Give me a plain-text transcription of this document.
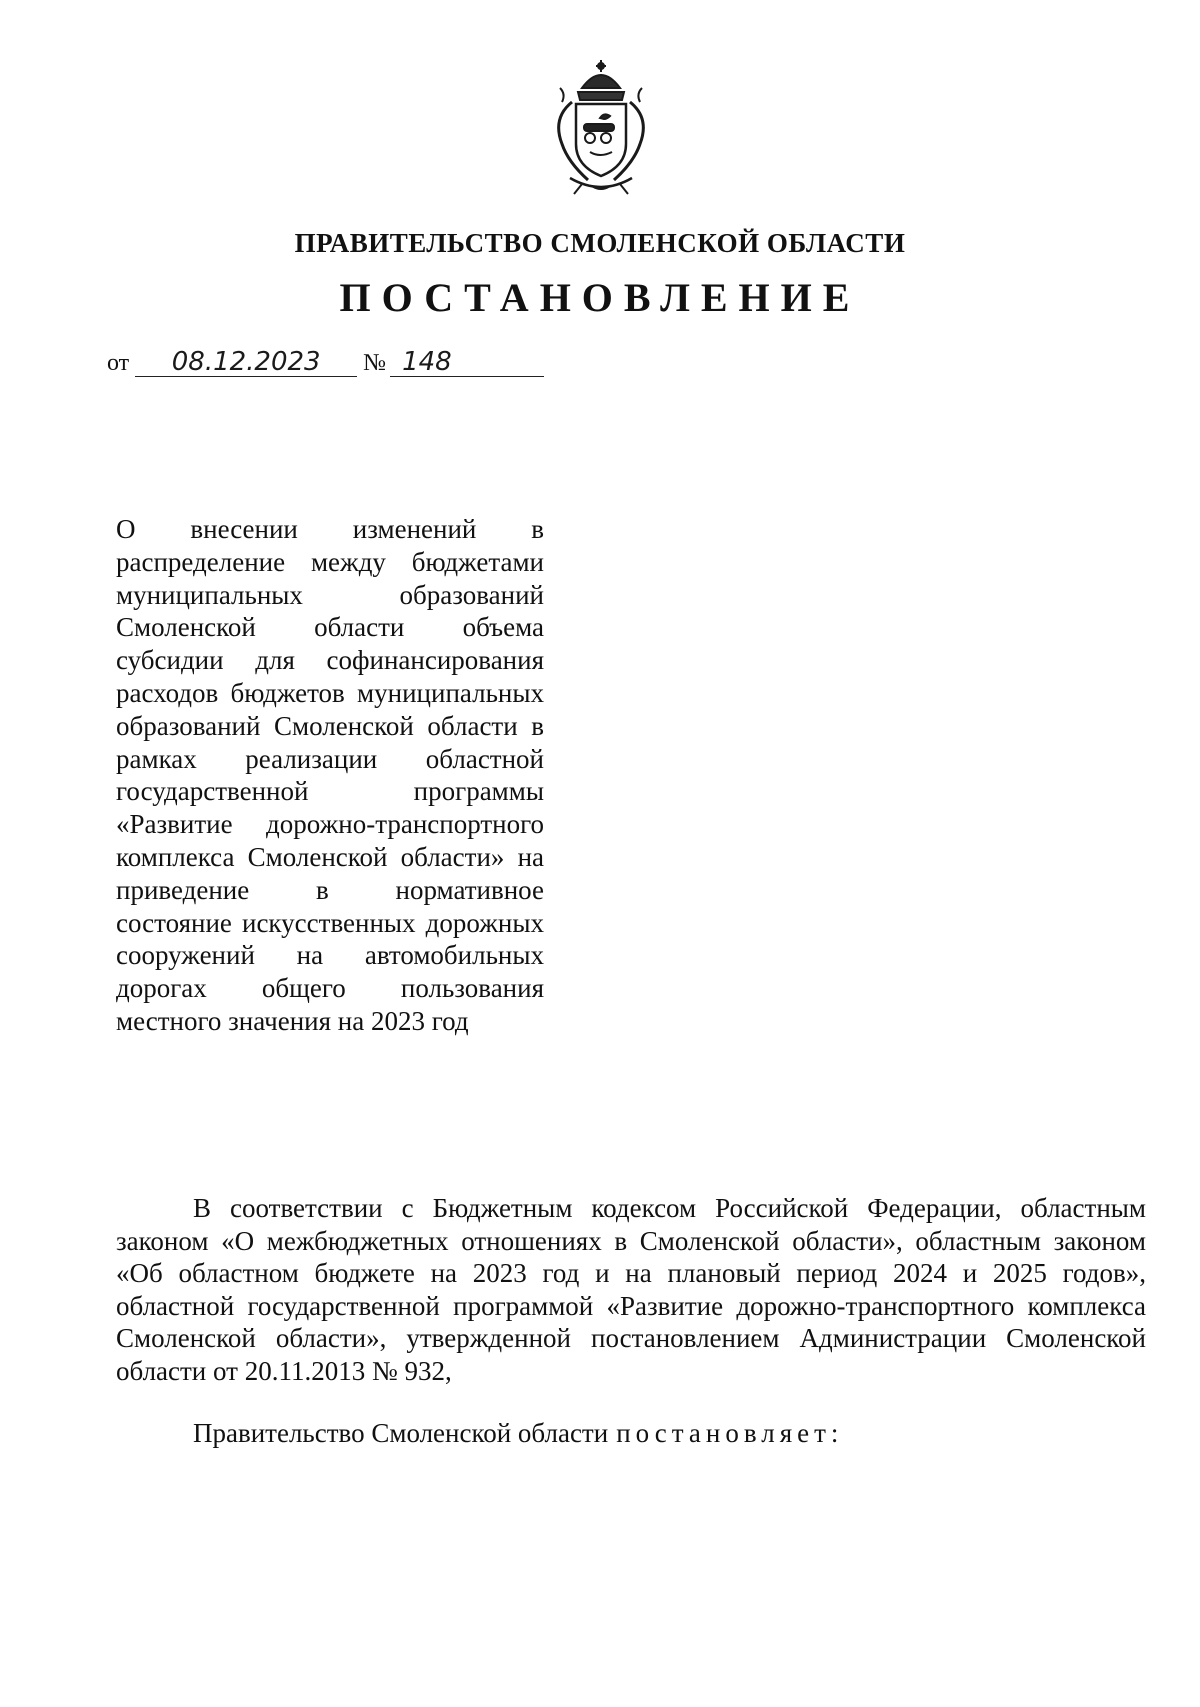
ПРАВИТЕЛЬСТВО СМОЛЕНСКОЙ ОБЛАСТИ
ПОСТАНОВЛЕНИЕ
от 08.12.2023 № 148
О внесении изменений в распределение между бюджетами муниципальных образований Смоленской области объема субсидии для софинансирования расходов бюджетов муниципальных образований Смоленской области в рамках реализации областной государственной программы «Развитие дорожно-транспортного комплекса Смоленской области» на приведение в нормативное состояние искусственных дорожных сооружений на автомобильных дорогах общего пользования местного значения на 2023 год
В соответствии с Бюджетным кодексом Российской Федерации, областным законом «О межбюджетных отношениях в Смоленской области», областным законом «Об областном бюджете на 2023 год и на плановый период 2024 и 2025 годов», областной государственной программой «Развитие дорожно-транспортного комплекса Смоленской области», утвержденной постановлением Администрации Смоленской области от 20.11.2013 № 932,
Правительство Смоленской области постановляет:
